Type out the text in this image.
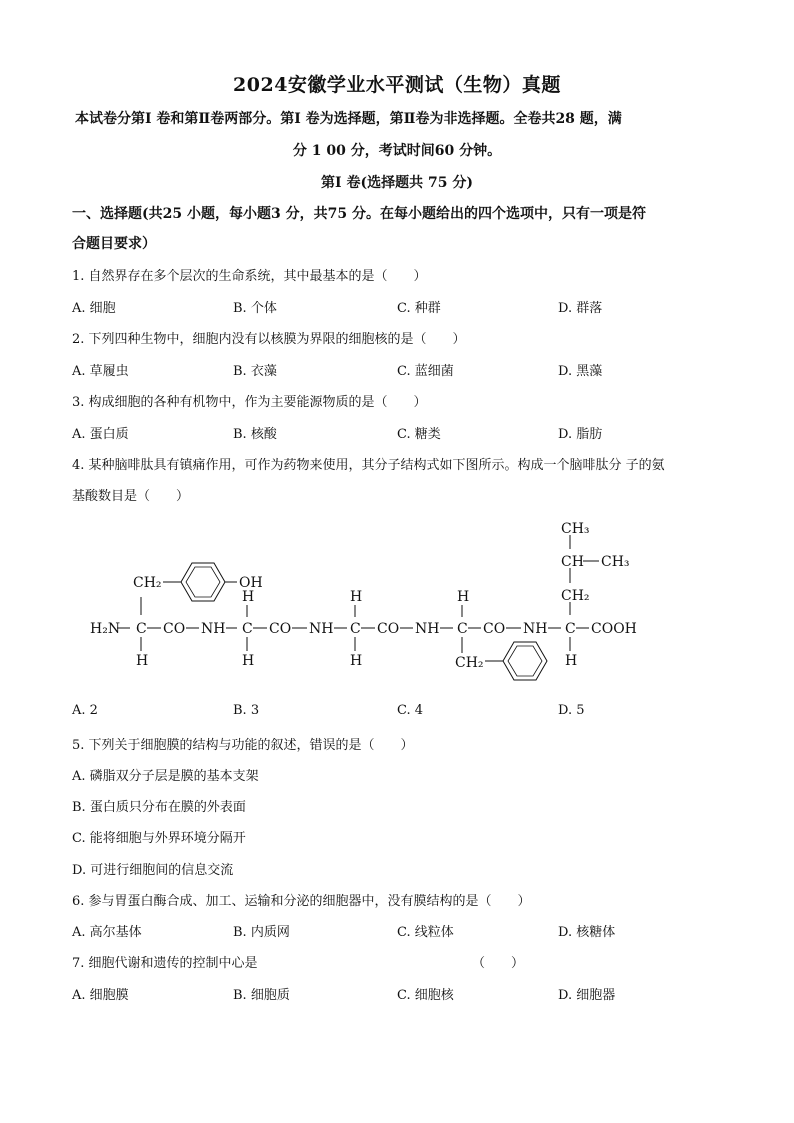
2024安徽学业水平测试（生物）真题
本试卷分第Ⅰ 卷和第Ⅱ卷两部分。第Ⅰ 卷为选择题，第Ⅱ卷为非选择题。全卷共28 题，满
分 1 00 分，考试时间60 分钟。
第Ⅰ 卷(选择题共 75 分)
一、选择题(共25 小题，每小题3 分，共75 分。在每小题给出的四个选项中，只有一项是符
合题目要求）
1. 自然界存在多个层次的生命系统，其中最基本的是（　　）
A. 细胞	B. 个体	C. 种群	D. 群落
2. 下列四种生物中，细胞内没有以核膜为界限的细胞核的是（　　）
A. 草履虫	B. 衣藻	C. 蓝细菌	D. 黑藻
3. 构成细胞的各种有机物中，作为主要能源物质的是（　　）
A. 蛋白质	B. 核酸	C. 糖类	D. 脂肪
4. 某种脑啡肽具有镇痛作用，可作为药物来使用，其分子结构式如下图所示。构成一个脑啡肽分 子的氨
基酸数目是（　　）
H₂N C CO NH C CO NH C CO NH C CO NH C COOH
H
CH₂	OH
H
H
H
H
H
CH₂	H
CH₂
CH CH₃
CH₃
A. 2	B. 3	C. 4	D. 5
5. 下列关于细胞膜的结构与功能的叙述，错误的是（　　）
A. 磷脂双分子层是膜的基本支架
B. 蛋白质只分布在膜的外表面
C. 能将细胞与外界环境分隔开
D. 可进行细胞间的信息交流
6. 参与胃蛋白酶合成、加工、运输和分泌的细胞器中，没有膜结构的是（　　）
A. 高尔基体	B. 内质网	C. 线粒体	D. 核糖体
7. 细胞代谢和遗传的控制中心是	（　　）
A. 细胞膜	B. 细胞质	C. 细胞核	D. 细胞器
